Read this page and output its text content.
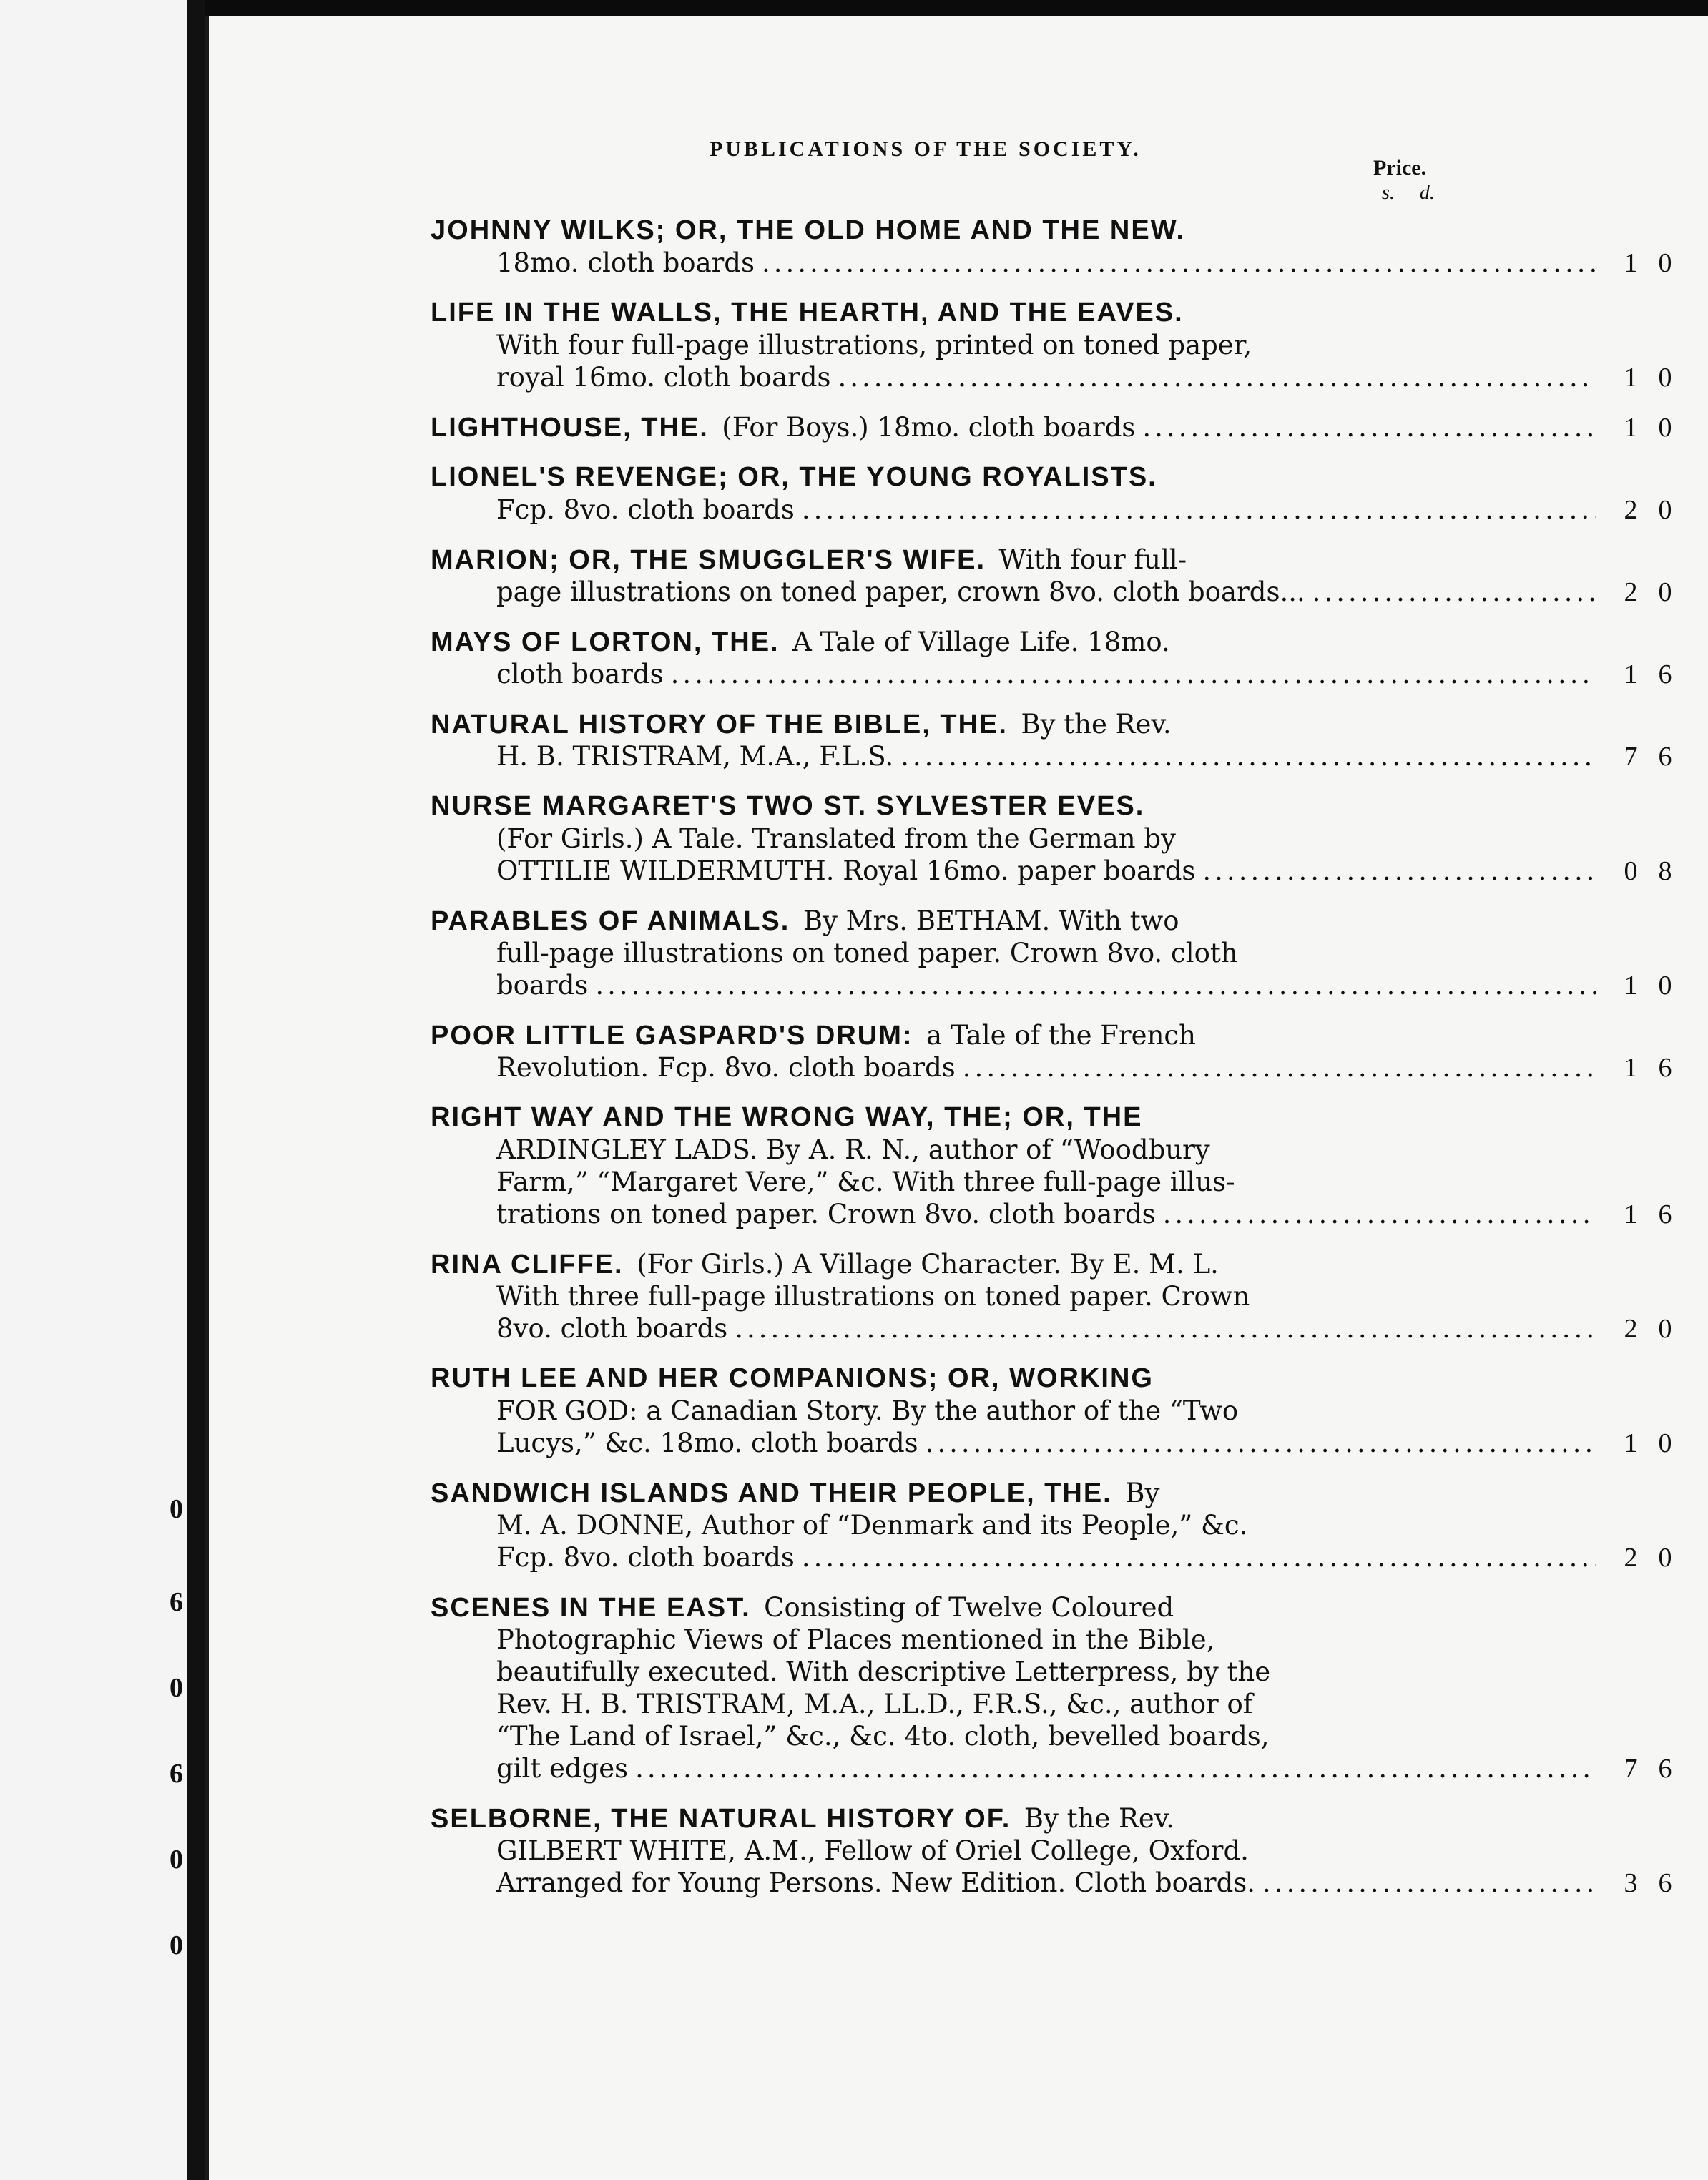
0
6
0
6
0
0
PUBLICATIONS OF THE SOCIETY.
Price.
s. d.
JOHNNY WILKS; OR, THE OLD HOME AND THE NEW.
18mo. cloth boards .....	1 0
LIFE IN THE WALLS, THE HEARTH, AND THE EAVES.
With four full-page illustrations, printed on toned paper,
royal 16mo. cloth boards .....	1 0
LIGHTHOUSE, THE.  (For Boys.) 18mo. cloth boards .....	1 0
LIONEL'S REVENGE; OR, THE YOUNG ROYALISTS.
Fcp. 8vo. cloth boards .....	2 0
MARION; OR, THE SMUGGLER'S WIFE.  With four full-
page illustrations on toned paper, crown 8vo. cloth boards... .....	2 0
MAYS OF LORTON, THE.  A Tale of Village Life. 18mo.
cloth boards .....	1 6
NATURAL HISTORY OF THE BIBLE, THE.  By the Rev.
H. B. TRISTRAM, M.A., F.L.S. .....	7 6
NURSE MARGARET'S TWO ST. SYLVESTER EVES.
(For Girls.) A Tale. Translated from the German by
OTTILIE WILDERMUTH. Royal 16mo. paper boards .....	0 8
PARABLES OF ANIMALS.  By Mrs. BETHAM. With two
full-page illustrations on toned paper. Crown 8vo. cloth
boards .....	1 0
POOR LITTLE GASPARD'S DRUM:  a Tale of the French
Revolution. Fcp. 8vo. cloth boards .....	1 6
RIGHT WAY AND THE WRONG WAY, THE; OR, THE
ARDINGLEY LADS. By A. R. N., author of “Woodbury
Farm,” “Margaret Vere,” &c. With three full-page illus-
trations on toned paper. Crown 8vo. cloth boards .....	1 6
RINA CLIFFE.  (For Girls.) A Village Character. By E. M. L.
With three full-page illustrations on toned paper. Crown
8vo. cloth boards .....	2 0
RUTH LEE AND HER COMPANIONS; OR, WORKING
FOR GOD: a Canadian Story. By the author of the “Two
Lucys,” &c. 18mo. cloth boards .....	1 0
SANDWICH ISLANDS AND THEIR PEOPLE, THE.  By
M. A. DONNE, Author of “Denmark and its People,” &c.
Fcp. 8vo. cloth boards .....	2 0
SCENES IN THE EAST.  Consisting of Twelve Coloured
Photographic Views of Places mentioned in the Bible,
beautifully executed. With descriptive Letterpress, by the
Rev. H. B. TRISTRAM, M.A., LL.D., F.R.S., &c., author of
“The Land of Israel,” &c., &c. 4to. cloth, bevelled boards,
gilt edges .....	7 6
SELBORNE, THE NATURAL HISTORY OF.  By the Rev.
GILBERT WHITE, A.M., Fellow of Oriel College, Oxford.
Arranged for Young Persons. New Edition. Cloth boards. .....	3 6
